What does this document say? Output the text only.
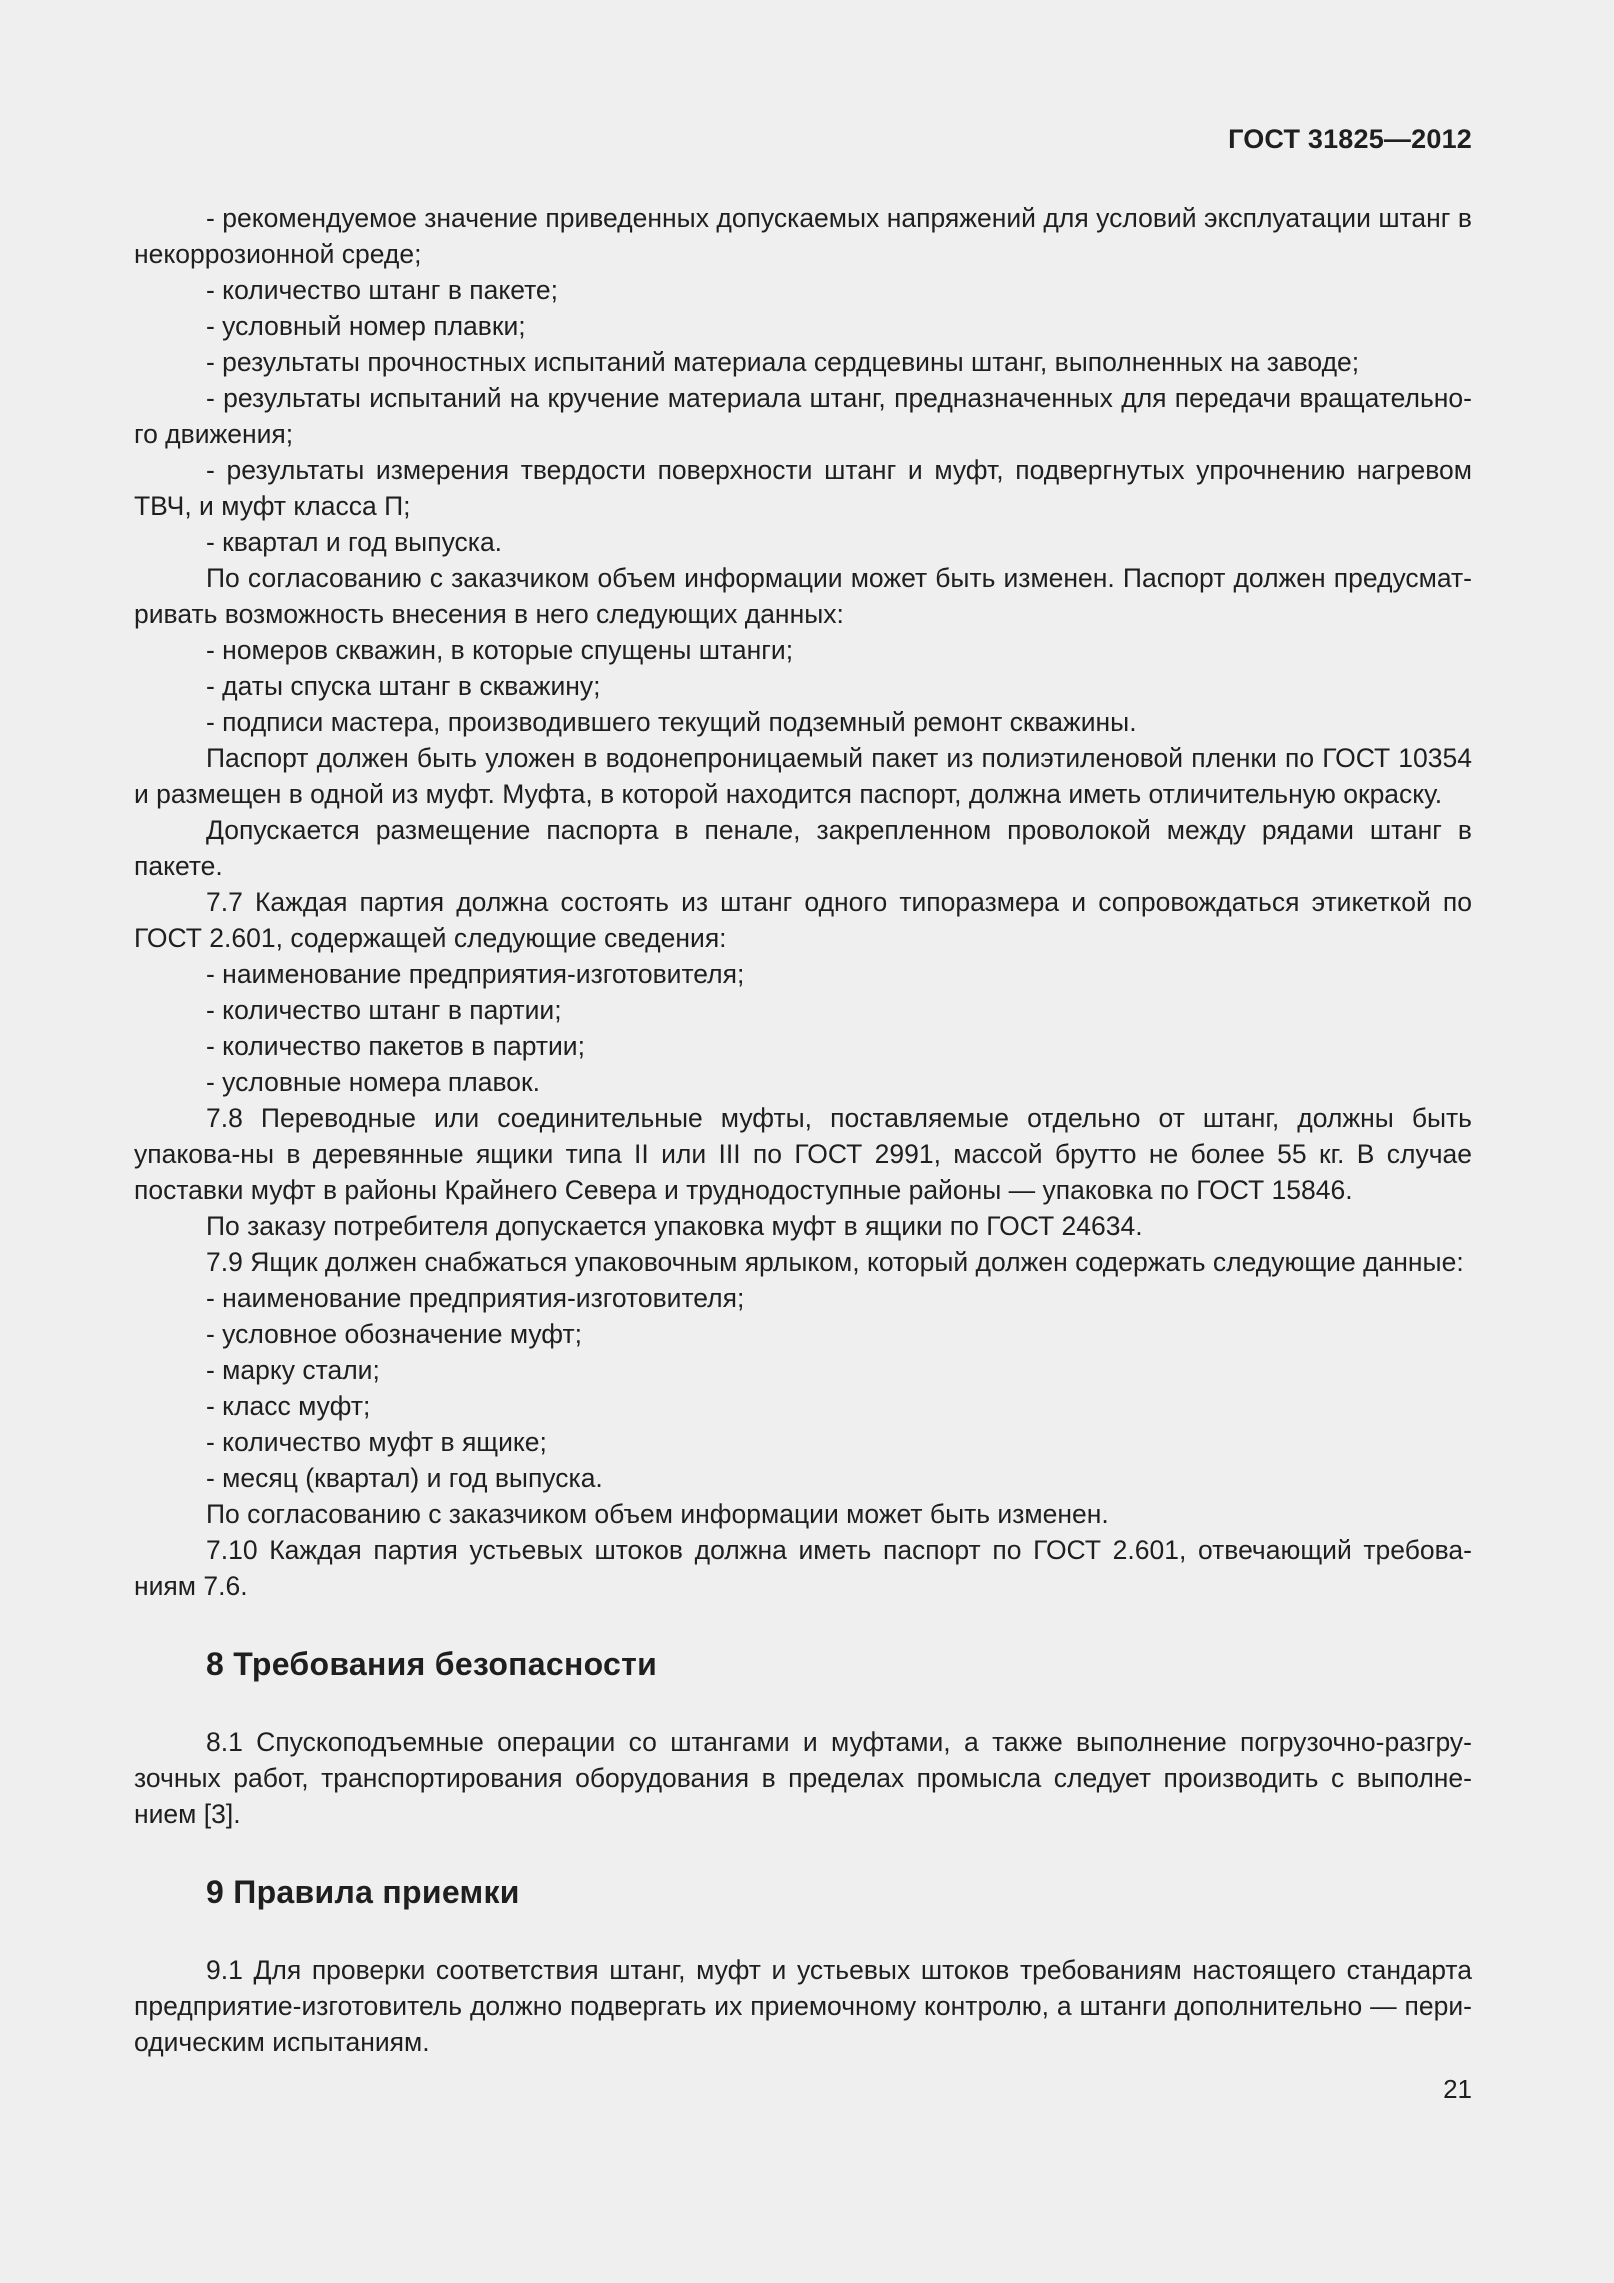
ГОСТ 31825—2012

- рекомендуемое значение приведенных допускаемых напряжений для условий эксплуатации штанг в некоррозионной среде;

- количество штанг в пакете;

- условный номер плавки;

- результаты прочностных испытаний материала сердцевины штанг, выполненных на заводе;

- результаты испытаний на кручение материала штанг, предназначенных для передачи вращательно-го движения;

- результаты измерения твердости поверхности штанг и муфт, подвергнутых упрочнению нагревом ТВЧ, и муфт класса П;

- квартал и год выпуска.

По согласованию с заказчиком объем информации может быть изменен. Паспорт должен предусмат-ривать возможность внесения в него следующих данных:

- номеров скважин, в которые спущены штанги;

- даты спуска штанг в скважину;

- подписи мастера, производившего текущий подземный ремонт скважины.

Паспорт должен быть уложен в водонепроницаемый пакет из полиэтиленовой пленки по ГОСТ 10354 и размещен в одной из муфт. Муфта, в которой находится паспорт, должна иметь отличительную окраску.

Допускается размещение паспорта в пенале, закрепленном проволокой между рядами штанг в пакете.

7.7 Каждая партия должна состоять из штанг одного типоразмера и сопровождаться этикеткой по ГОСТ 2.601, содержащей следующие сведения:

- наименование предприятия-изготовителя;

- количество штанг в партии;

- количество пакетов в партии;

- условные номера плавок.

7.8 Переводные или соединительные муфты, поставляемые отдельно от штанг, должны быть упакова-ны в деревянные ящики типа II или III по ГОСТ 2991, массой брутто не более 55 кг. В случае поставки муфт в районы Крайнего Севера и труднодоступные районы — упаковка по ГОСТ 15846.

По заказу потребителя допускается упаковка муфт в ящики по ГОСТ 24634.

7.9 Ящик должен снабжаться упаковочным ярлыком, который должен содержать следующие данные:

- наименование предприятия-изготовителя;

- условное обозначение муфт;

- марку стали;

- класс муфт;

- количество муфт в ящике;

- месяц (квартал) и год выпуска.

По согласованию с заказчиком объем информации может быть изменен.

7.10 Каждая партия устьевых штоков должна иметь паспорт по ГОСТ 2.601, отвечающий требова-ниям 7.6.

8 Требования безопасности

8.1 Спускоподъемные операции со штангами и муфтами, а также выполнение погрузочно-разгру-зочных работ, транспортирования оборудования в пределах промысла следует производить с выполне-нием [3].

9 Правила приемки

9.1 Для проверки соответствия штанг, муфт и устьевых штоков требованиям настоящего стандарта предприятие-изготовитель должно подвергать их приемочному контролю, а штанги дополнительно — пери-одическим испытаниям.

21
